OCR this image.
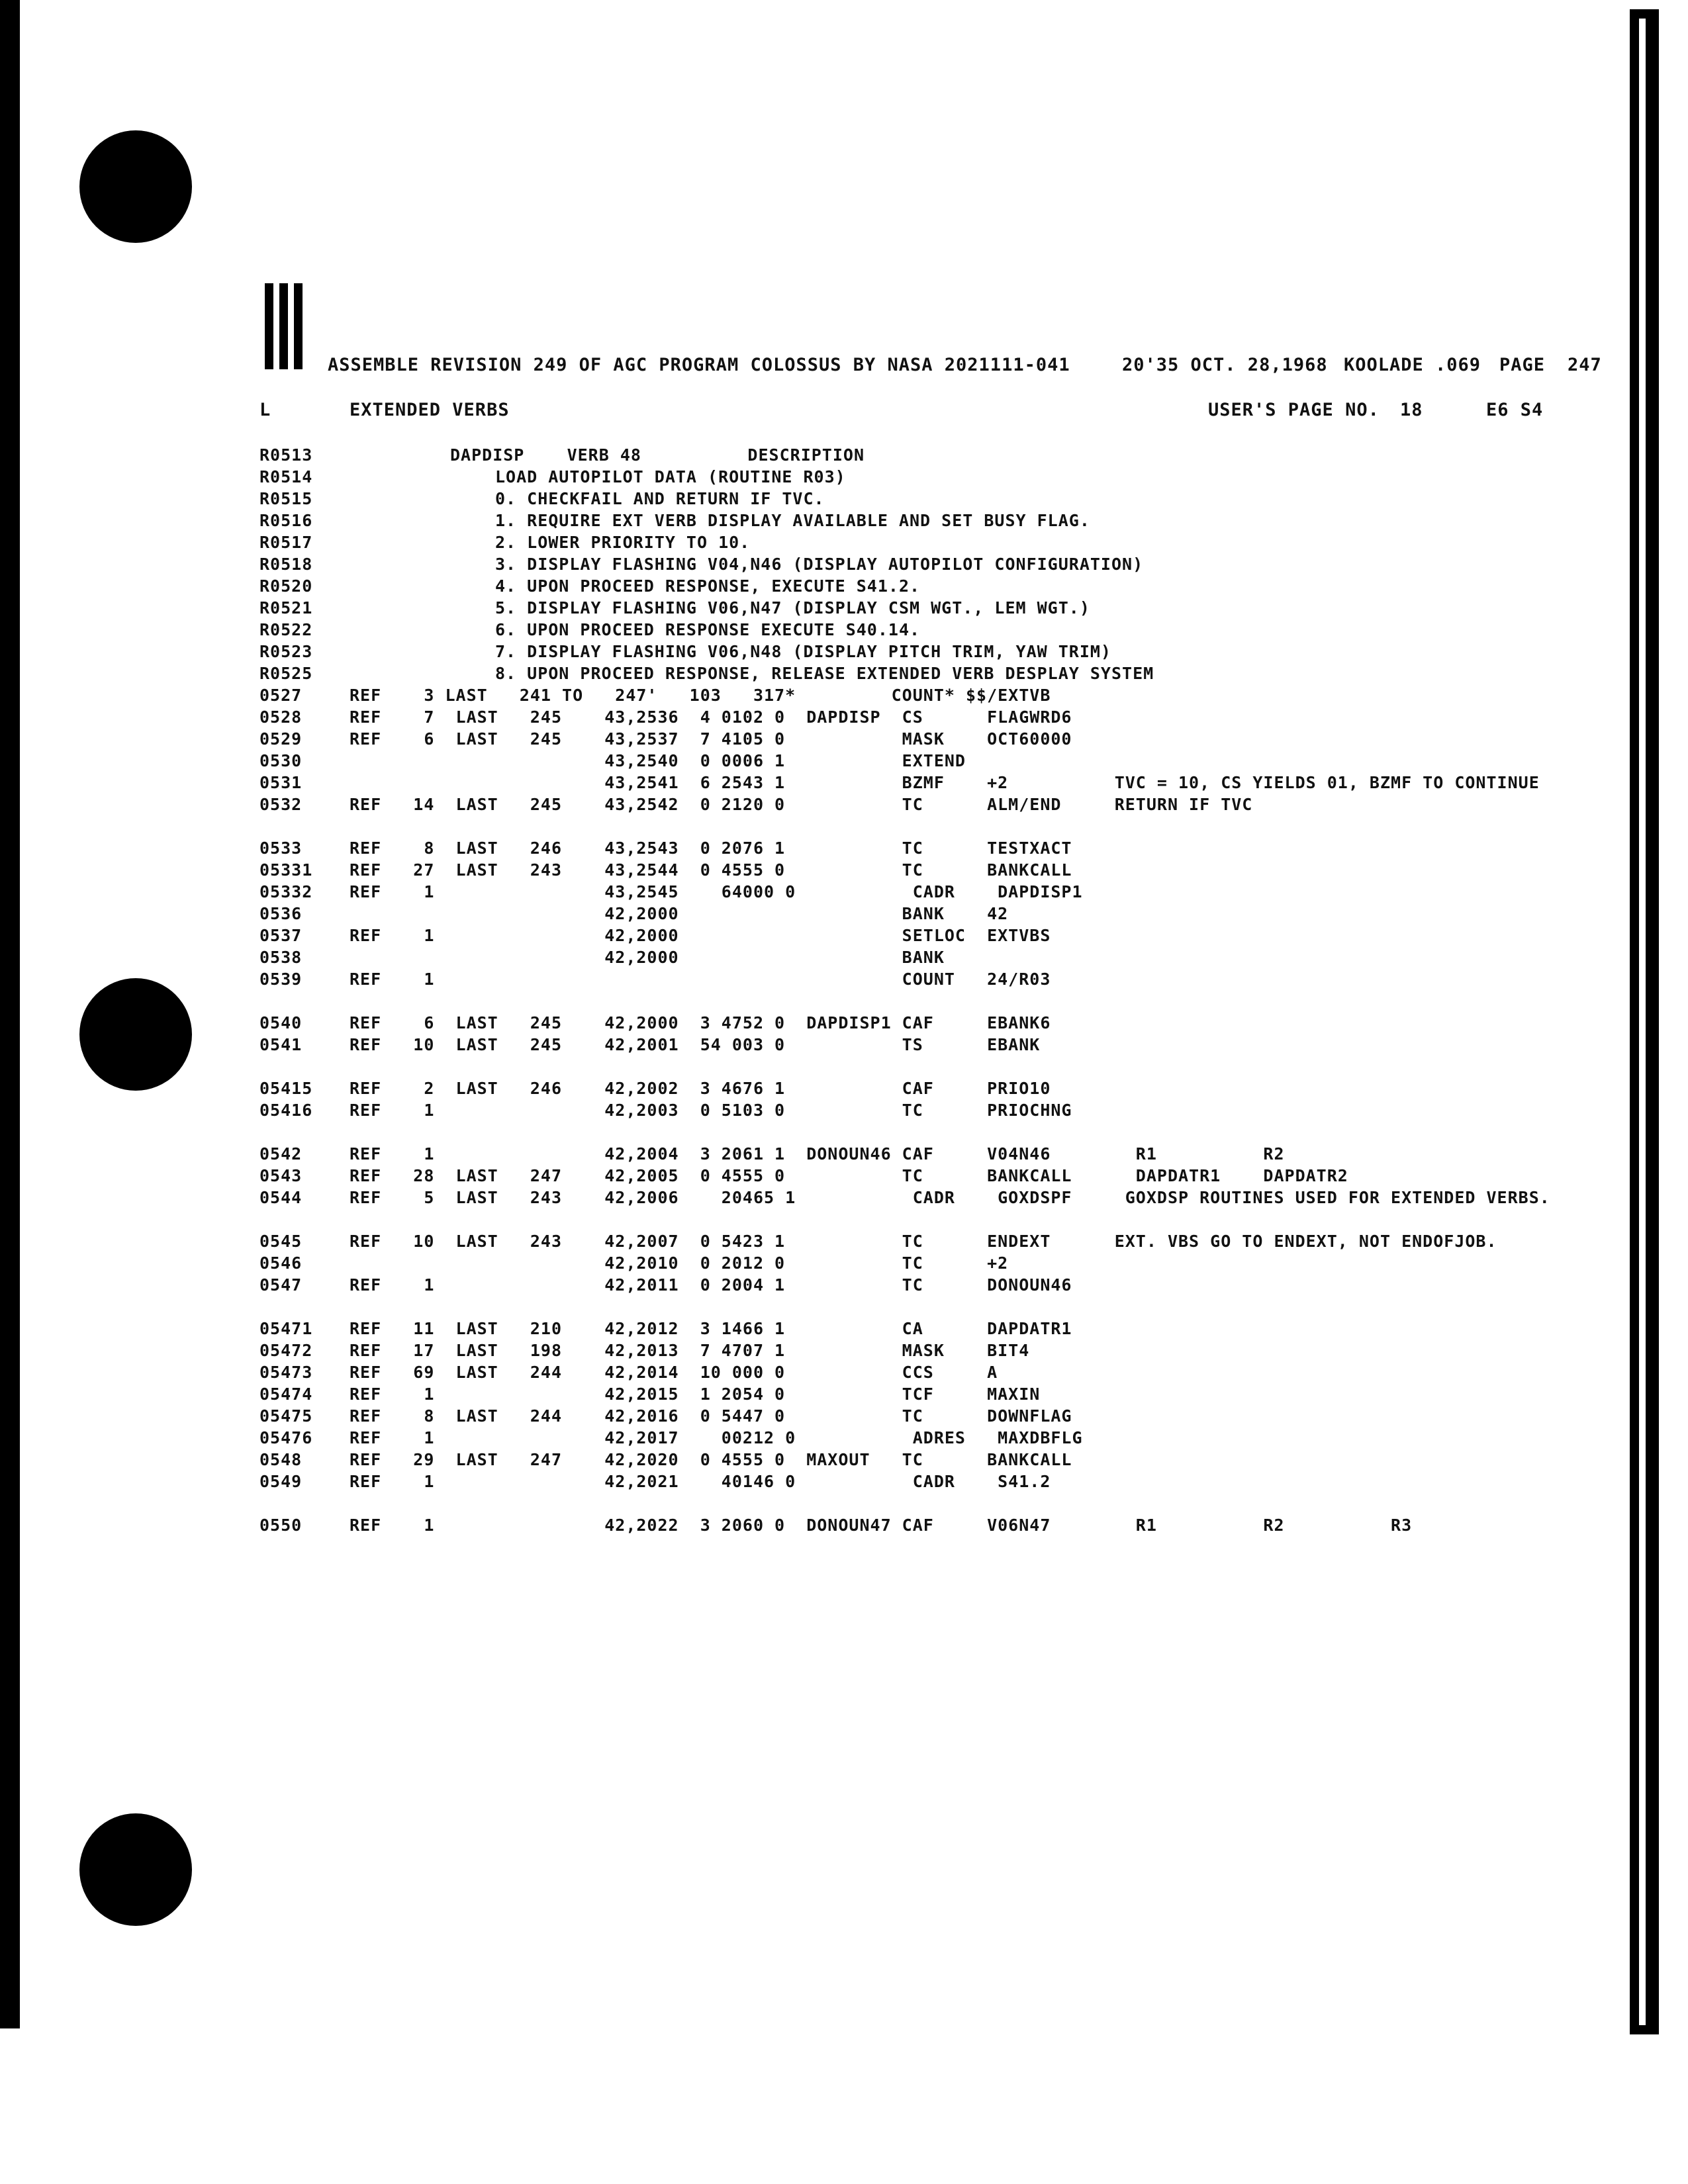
ASSEMBLE REVISION 249 OF AGC PROGRAM COLOSSUS BY NASA 2021111-041	20'35 OCT. 28,1968 KOOLADE .069 PAGE 247
L	EXTENDED VERBS	USER'S PAGE NO. 18	E6 S4
R0513	DAPDISP    VERB 48          DESCRIPTION
R0514	LOAD AUTOPILOT DATA (ROUTINE R03)
R0515	0. CHECKFAIL AND RETURN IF TVC.
R0516	1. REQUIRE EXT VERB DISPLAY AVAILABLE AND SET BUSY FLAG.
R0517	2. LOWER PRIORITY TO 10.
R0518	3. DISPLAY FLASHING V04,N46 (DISPLAY AUTOPILOT CONFIGURATION)
R0520	4. UPON PROCEED RESPONSE, EXECUTE S41.2.
R0521	5. DISPLAY FLASHING V06,N47 (DISPLAY CSM WGT., LEM WGT.)
R0522	6. UPON PROCEED RESPONSE EXECUTE S40.14.
R0523	7. DISPLAY FLASHING V06,N48 (DISPLAY PITCH TRIM, YAW TRIM)
R0525	8. UPON PROCEED RESPONSE, RELEASE EXTENDED VERB DESPLAY SYSTEM
0527	REF    3 LAST   241 TO   247'   103   317*         COUNT* $$/EXTVB
0528	REF    7  LAST   245    43,2536  4 0102 0  DAPDISP  CS      FLAGWRD6
0529	REF    6  LAST   245    43,2537  7 4105 0           MASK    OCT60000
0530	43,2540  0 0006 1           EXTEND
0531	43,2541  6 2543 1           BZMF    +2          TVC = 10, CS YIELDS 01, BZMF TO CONTINUE
0532	REF   14  LAST   245    43,2542  0 2120 0           TC      ALM/END     RETURN IF TVC
0533	REF    8  LAST   246    43,2543  0 2076 1           TC      TESTXACT
05331 REF   27  LAST   243    43,2544  0 4555 0           TC      BANKCALL
05332 REF    1                43,2545    64000 0           CADR    DAPDISP1
0536	42,2000                     BANK    42
0537	REF    1                42,2000                     SETLOC  EXTVBS
0538	42,2000                     BANK
0539	REF    1                                            COUNT   24/R03
0540	REF    6  LAST   245    42,2000  3 4752 0  DAPDISP1 CAF     EBANK6
0541	REF   10  LAST   245    42,2001  54 003 0           TS      EBANK
05415 REF    2  LAST   246    42,2002  3 4676 1           CAF     PRIO10
05416 REF    1                42,2003  0 5103 0           TC      PRIOCHNG
0542	REF    1                42,2004  3 2061 1  DONOUN46 CAF     V04N46        R1          R2
0543	REF   28  LAST   247    42,2005  0 4555 0           TC      BANKCALL      DAPDATR1    DAPDATR2
0544	REF    5  LAST   243    42,2006    20465 1           CADR    GOXDSPF     GOXDSP ROUTINES USED FOR EXTENDED VERBS.
0545	REF   10  LAST   243    42,2007  0 5423 1           TC      ENDEXT      EXT. VBS GO TO ENDEXT, NOT ENDOFJOB.
0546	42,2010  0 2012 0           TC      +2
0547	REF    1                42,2011  0 2004 1           TC      DONOUN46
05471 REF   11  LAST   210    42,2012  3 1466 1           CA      DAPDATR1
05472 REF   17  LAST   198    42,2013  7 4707 1           MASK    BIT4
05473 REF   69  LAST   244    42,2014  10 000 0           CCS     A
05474 REF    1                42,2015  1 2054 0           TCF     MAXIN
05475 REF    8  LAST   244    42,2016  0 5447 0           TC      DOWNFLAG
05476 REF    1                42,2017    00212 0           ADRES   MAXDBFLG
0548	REF   29  LAST   247    42,2020  0 4555 0  MAXOUT   TC      BANKCALL
0549	REF    1                42,2021    40146 0           CADR    S41.2
0550	REF    1                42,2022  3 2060 0  DONOUN47 CAF     V06N47        R1          R2          R3
